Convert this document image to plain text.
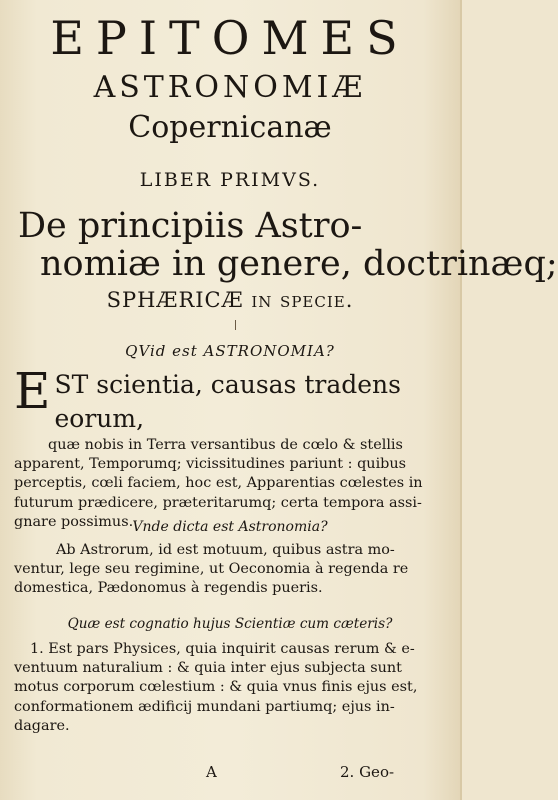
EPITOMES
ASTRONOMIÆ
Copernicanæ
LIBER PRIMVS.
De principiis Astro-
nomiæ in genere, doctrinæq;
SPHÆRICÆ in specie.
QVid est ASTRONOMIA?
E ST scientia, causas tradens eorum,
quæ nobis in Terra versantibus de cœlo & stellis
apparent, Temporumq; vicissitudines pariunt : quibus
perceptis, cœli faciem, hoc est, Apparentias cœlestes in
futurum prædicere, præteritarumq; certa tempora assi-
gnare possimus. Vnde dicta est Astronomia?
Ab Astrorum, id est motuum, quibus astra mo-
ventur, lege seu regimine, ut Oeconomia à regenda re
domestica, Pædonomus à regendis pueris.
Quæ est cognatio hujus Scientiæ cum cæteris?
1. Est pars Physices, quia inquirit causas rerum & e-
ventuum naturalium : & quia inter ejus subjecta sunt
motus corporum cœlestium : & quia vnus finis ejus est,
conformationem ædificij mundani partiumq; ejus in-
dagare.
A	2. Geo-
